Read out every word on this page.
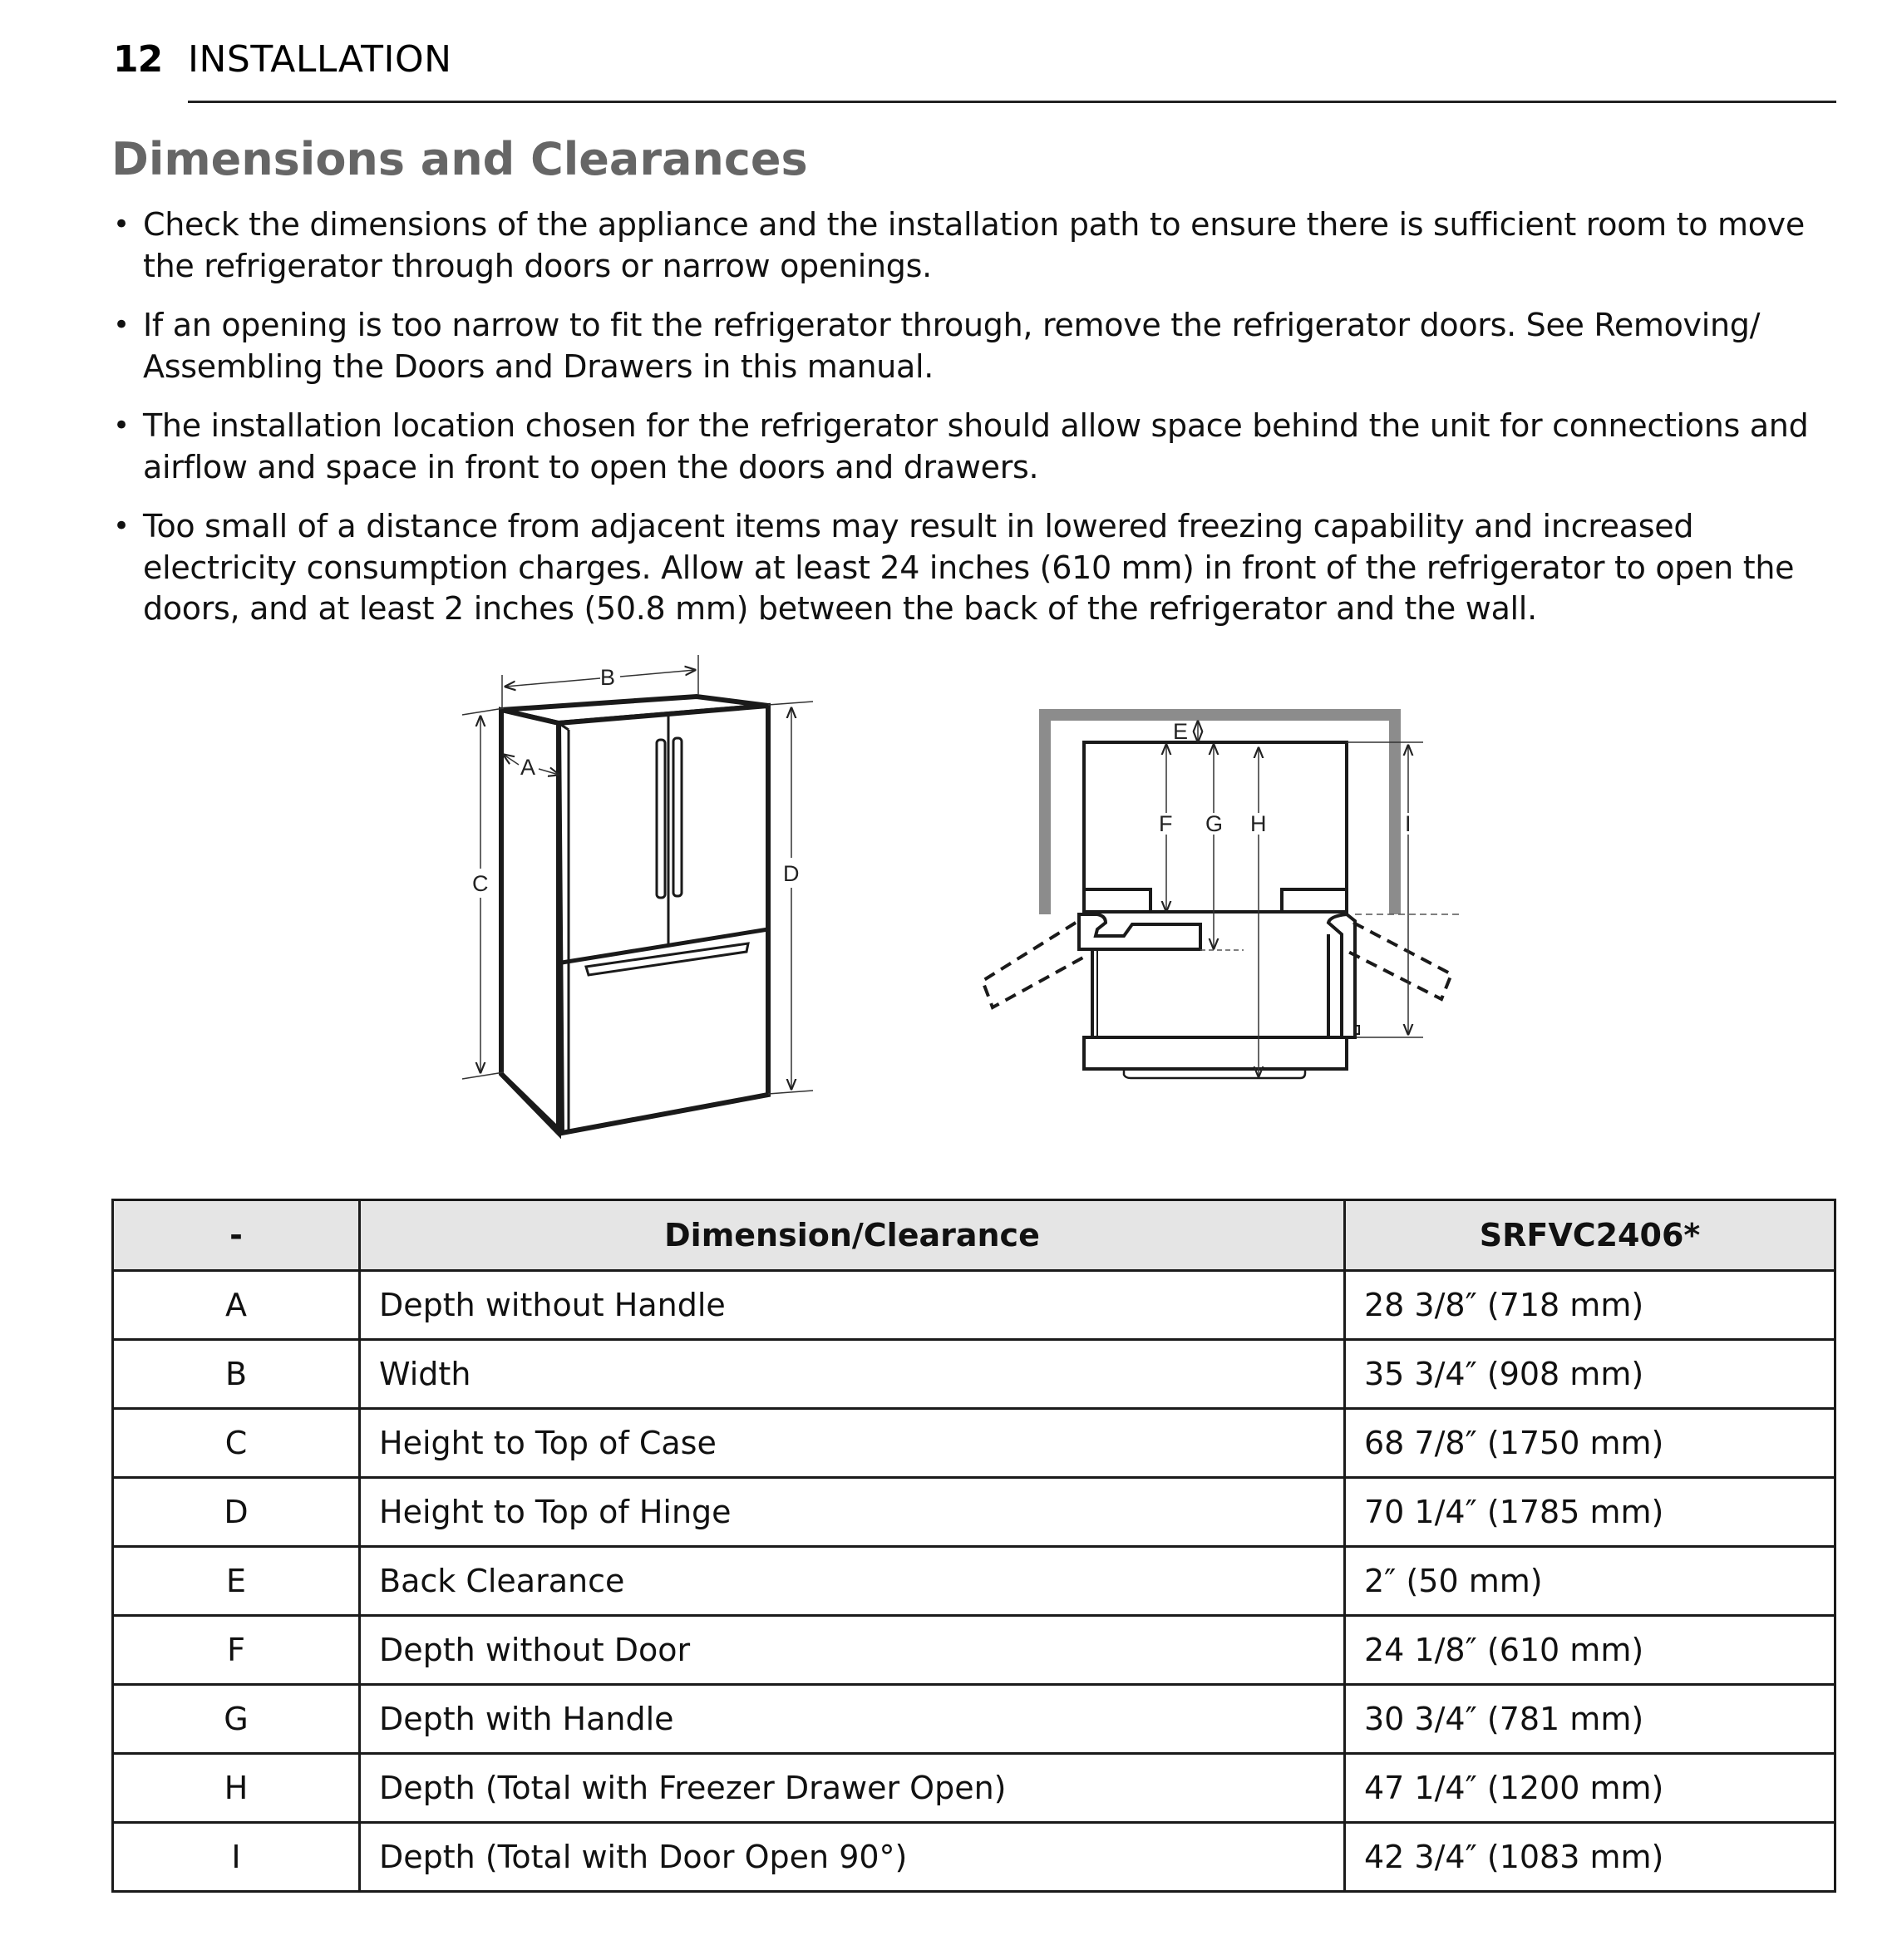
12 INSTALLATION
Dimensions and Clearances
• Check the dimensions of the appliance and the installation path to ensure there is sufficient room to move the refrigerator through doors or narrow openings.
• If an opening is too narrow to fit the refrigerator through, remove the refrigerator doors. See Removing/ Assembling the Doors and Drawers in this manual.
• The installation location chosen for the refrigerator should allow space behind the unit for connections and airflow and space in front to open the doors and drawers.
• Too small of a distance from adjacent items may result in lowered freezing capability and increased electricity consumption charges. Allow at least 24 inches (610 mm) in front of the refrigerator to open the doors, and at least 2 inches (50.8 mm) between the back of the refrigerator and the wall.
B
A
C	D
E
F G H	I
-	Dimension/Clearance	SRFVC2406*
A	Depth without Handle	28 3/8″ (718 mm)
B	Width	35 3/4″ (908 mm)
C	Height to Top of Case	68 7/8″ (1750 mm)
D	Height to Top of Hinge	70 1/4″ (1785 mm)
E	Back Clearance	2″ (50 mm)
F	Depth without Door	24 1/8″ (610 mm)
G	Depth with Handle	30 3/4″ (781 mm)
H	Depth (Total with Freezer Drawer Open)	47 1/4″ (1200 mm)
I	Depth (Total with Door Open 90°)	42 3/4″ (1083 mm)
